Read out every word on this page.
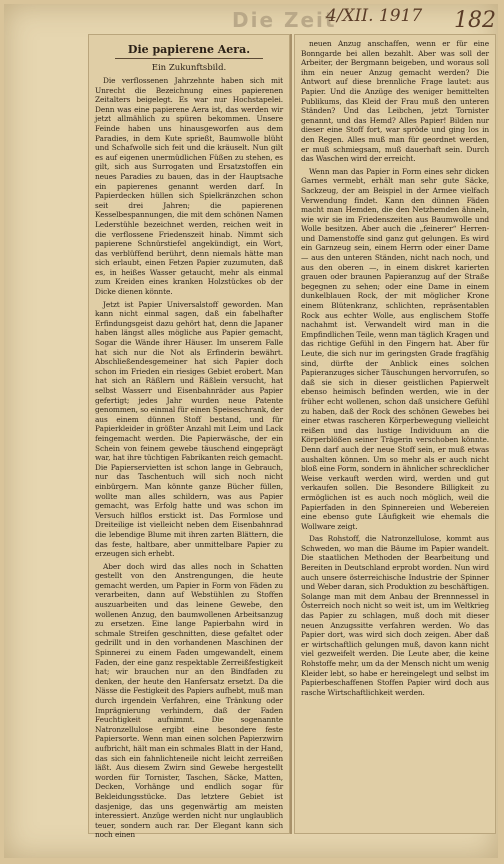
Die Zeit
4/XII. 1917 182
Die papierene Aera.
Ein Zukunftsbild.

Die verflossenen Jahrzehnte haben sich mit Unrecht die Bezeichnung eines papierenen Zeitalters beigelegt. Es war nur Hochstapelei. Denn was eine papierene Aera ist, das werden wir jetzt allmählich zu spüren bekommen. Unsere Feinde haben uns hinausgeworfen aus dem Paradies, in dem Kute sprießt, Baumwolle blüht und Schafwolle sich feit und die kräuselt. Nun gilt es auf eigenen unermüdlichen Füßen zu stehen, es gilt, sich aus Surrogaten und Ersatzstoffen ein neues Paradies zu bauen, das in der Hauptsache ein papierenes genannt werden darf. In Papierdecken hüllen sich Spielkränzchen schon seit drei Jahren; die papierenen Kesselbespannungen, die mit dem schönen Namen Lederstühle bezeichnet werden, reichen weit in die verflossene Friedenszeit hinab. Nimmt sich papierene Schnürstiefel angekündigt, ein Wort, das verblüffend berührt, denn niemals hätte man sich erlaubt, einen Fetzen Papier zuzumuten, daß es, in heißes Wasser getaucht, mehr als einmal zum Kreiden eines kranken Holzstückes ob der Dicke dienen könnte.

Jetzt ist Papier Universalstoff geworden. Man kann nicht einmal sagen, daß ein fabelhafter Erfindungsgeist dazu gehört hat, denn die Japaner haben längst alles mögliche aus Papier gemacht, Sogar die Wände ihrer Häuser. Im unserem Falle hat sich nur die Not als Erfinderin bewährt. Abschließendesgemeiner hat sich Papier doch schon im Frieden ein riesiges Gebiet erobert. Man hat sich an Räßlern und Räßlein versucht, hat selbst Wasserr und Eisenbahnräder aus Papier gefertigt; jedes Jahr wurden neue Patente genommen, so einmal für einen Speiseschrank, der aus einem dünnen Stoff bestand, und für Papierkleider in größter Anzahl mit Leim und Lack feingemacht werden. Die Papierwäsche, der ein Schein von feinem gewebe täuschend eingeprägt war, hat ihre tüchtigen Fabrikanten reich gemacht. Die Papierservietten ist schon lange in Gebrauch, nur das Taschentuch will sich noch nicht einbürgern. Man könnte ganze Bücher füllen, wollte man alles schildern, was aus Papier gemacht, was Erfolg hatte und was schon im Versuch hilflos erstickt ist. Das Formlose und Dreiteilige ist vielleicht neben dem Eisenbahnrad die lebendige Blume mit ihren zarten Blättern, die das feste, haltbare, aber unmittelbare Papier zu erzeugen sich erhebt.

Aber doch wird das alles noch in Schatten gestellt von den Anstrengungen, die heute gemacht werden, um Papier in Form von Fäden zu verarbeiten, dann auf Webstühlen zu Stoffen auszuarbeiten und das leinene Gewebe, den wollenen Anzug, den baumwollenen Arbeitsanzug zu ersetzen. Eine lange Papierbahn wird in schmale Streifen geschnitten, diese gefaltet oder gedrillt und in den vorhandenen Maschinen der Spinnerei zu einem Faden umgewandelt, einem Faden, der eine ganz respektable Zerreißfestigkeit hat; wir brauchen nur an den Bindfaden zu denken, der heute den Hanfersatz ersetzt. Da die Nässe die Festigkeit des Papiers aufhebt, muß man durch irgendein Verfahren, eine Tränkung oder Imprägnierung verhindern, daß der Faden Feuchtigkeit aufnimmt. Die sogenannte Natronzellulose ergibt eine besondere feste Papiersorte. Wenn man einen solchen Papierzwirn aufbricht, hält man ein schmales Blatt in der Hand, das sich ein fahnlichteneile nicht leicht zerreißen läßt. Aus diesem Zwirn sind Gewebe hergestellt worden für Tornister, Taschen, Säcke, Matten, Decken, Vorhänge und endlich sogar für Bekleidungsstücke. Das letztere Gebiet ist dasjenige, das uns gegenwärtig am meisten interessiert. Anzüge werden nicht nur unglaublich teuer, sondern auch rar. Der Elegant kann sich noch einen

neuen Anzug anschaffen, wenn er für eine Bonngarde bei allen bezahlt. Aber was soll der Arbeiter, der Bergmann beigeben, und woraus soll ihm ein neuer Anzug gemacht werden? Die Antwort auf diese brennliche Frage lautet: aus Papier. Und die Anzüge des weniger bemittelten Publikums, das Kleid der Frau muß den unteren Ständen? Und das Leibchen, jetzt Tornister genannt, und das Hemd? Alles Papier! Bilden nur dieser eine Stoff fort, war spröde und ging los in den Regen. Alles muß man für geordnet werden, er muß schmiegsam, muß dauerhaft sein. Durch das Waschen wird der erreicht.

Wenn man das Papier in Form eines sehr dicken Garnes vermebt, erhält man sehr gute Säcke, Sackzeug, der am Beispiel in der Armee vielfach Verwendung findet. Kann den dünnen Fäden macht man Hemden, die den Netzhemden ähneln, wie wir sie im Friedenszeiten aus Baumwolle und Wolle besitzen. Aber auch die „feinerer“ Herren- und Damenstoffe sind ganz gut gelungen. Es wird ein Garnzeug sein, einem Herrn oder einer Dame — aus den unteren Ständen, nicht nach noch, und aus den oberen —, in einem diskret karierten grauen oder braunen Papieranzug auf der Straße begegnen zu sehen; oder eine Dame in einem dunkelblauen Rock, der mit möglicher Krone einem Blütenkranz, schlichten, repräsentablen Rock aus echter Wolle, aus englischem Stoffe nachahmt ist. Verwandelt wird man in die Empfindlichen Teile, wenn man täglich Kragen und das richtige Gefühl in den Fingern hat. Aber für Leute, die sich nur im geringsten Grade fragfähig sind, dürfte der Anblick eines solchen Papieranzuges sicher Täuschungen hervorrufen, so daß sie sich in dieser geistlichen Papierwelt ebenso heimisch befinden werden, wie in der früher echt wollenen, schon daß unsichere Gefühl zu haben, daß der Rock des schönen Gewebes bei einer etwas rascheren Körperbewegung vielleicht reißen und das lustige Individuum an die Körperblößen seiner Trägerin verschoben könnte. Denn darf auch der neue Stoff sein, er muß etwas aushalten können. Um so mehr als er auch nicht bloß eine Form, sondern in ähnlicher schrecklicher Weise verkauft werden wird, werden und gut verkaufen sollen. Die Besondere Billigkeit zu ermöglichen ist es auch noch möglich, weil die Papierfaden in den Spinnereien und Webereien eine ebenso gute Läufigkeit wie ehemals die Wollware zeigt.

Das Rohstoff, die Natronzellulose, kommt aus Schweden, wo man die Bäume im Papier wandelt. Die staatlichen Methoden der Bearbeitung und Bereiten in Deutschland erprobt worden. Nun wird auch unsere österreichische Industrie der Spinner und Weber daran, sich Produktion zu beschäftigen. Solange man mit dem Anbau der Brennnessel in Österreich noch nicht so weit ist, um im Weltkrieg das Papier zu schlagen, muß doch mit dieser neuen Anzugssitte verfahren werden. Wo das Papier dort, was wird sich doch zeigen. Aber daß er wirtschaftlich gelungen muß, davon kann nicht viel gezweifelt werden. Die Leute aber, die keine Rohstoffe mehr, um da der Mensch nicht um wenig Kleider lebt, so habe er hereingelegt und selbst im Papierbeschaffenen Stoffen Papier wird doch aus rasche Wirtschaftlichkeit werden.
